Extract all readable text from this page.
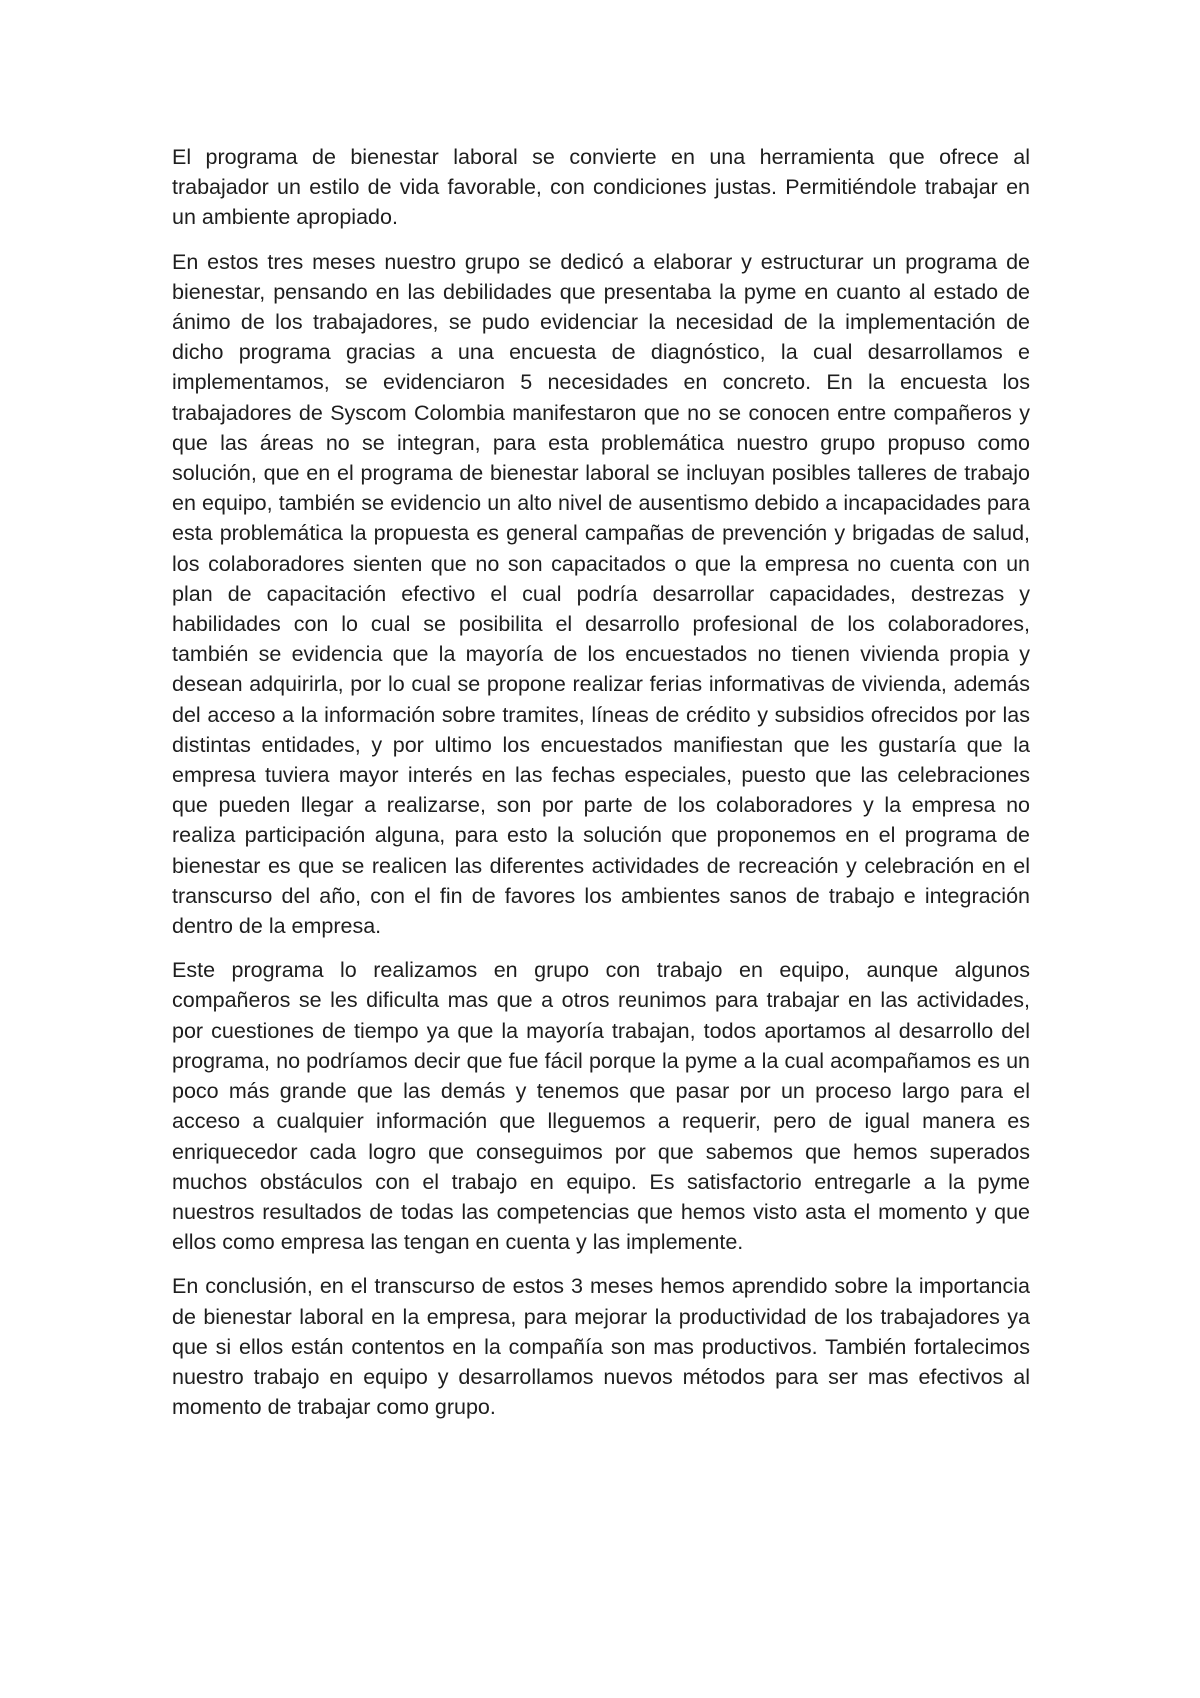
El programa de bienestar laboral se convierte en una herramienta que ofrece al trabajador un estilo de vida favorable, con condiciones justas. Permitiéndole trabajar en un ambiente apropiado.

En estos tres meses nuestro grupo se dedicó a elaborar y estructurar un programa de bienestar, pensando en las debilidades que presentaba la pyme en cuanto al estado de ánimo de los trabajadores, se pudo evidenciar la necesidad de la implementación de dicho programa gracias a una encuesta de diagnóstico, la cual desarrollamos e implementamos, se evidenciaron 5 necesidades en concreto. En la encuesta los trabajadores de Syscom Colombia manifestaron que no se conocen entre compañeros y que las áreas no se integran, para esta problemática nuestro grupo propuso como solución, que en el programa de bienestar laboral se incluyan posibles talleres de trabajo en equipo, también se evidencio un alto nivel de ausentismo debido a incapacidades para esta problemática la propuesta es general campañas de prevención y brigadas de salud, los colaboradores sienten que no son capacitados o que la empresa no cuenta con un plan de capacitación efectivo el cual podría desarrollar capacidades, destrezas y habilidades con lo cual se posibilita el desarrollo profesional de los colaboradores, también se evidencia que la mayoría de los encuestados no tienen vivienda propia y desean adquirirla, por lo cual se propone realizar ferias informativas de vivienda, además del acceso a la información sobre tramites, líneas de crédito y subsidios ofrecidos por las distintas entidades, y por ultimo los encuestados manifiestan que les gustaría que la empresa tuviera mayor interés en las fechas especiales, puesto que las celebraciones que pueden llegar a realizarse, son por parte de los colaboradores y la empresa no realiza participación alguna, para esto la solución que proponemos en el programa de bienestar es que se realicen las diferentes actividades de recreación y celebración en el transcurso del año, con el fin de favores los ambientes sanos de trabajo e integración dentro de la empresa.

Este programa lo realizamos en grupo con trabajo en equipo, aunque algunos compañeros se les dificulta mas que a otros reunimos para trabajar en las actividades, por cuestiones de tiempo ya que la mayoría trabajan, todos aportamos al desarrollo del programa, no podríamos decir que fue fácil porque la pyme a la cual acompañamos es un poco más grande que las demás y tenemos que pasar por un proceso largo para el acceso a cualquier información que lleguemos a requerir, pero de igual manera es enriquecedor cada logro que conseguimos por que sabemos que hemos superados muchos obstáculos con el trabajo en equipo. Es satisfactorio entregarle a la pyme nuestros resultados de todas las competencias que hemos visto asta el momento y que ellos como empresa las tengan en cuenta y las implemente.

En conclusión, en el transcurso de estos 3 meses hemos aprendido sobre la importancia de bienestar laboral en la empresa, para mejorar la productividad de los trabajadores ya que si ellos están contentos en la compañía son mas productivos. También fortalecimos nuestro trabajo en equipo y desarrollamos nuevos métodos para ser mas efectivos al momento de trabajar como grupo.
